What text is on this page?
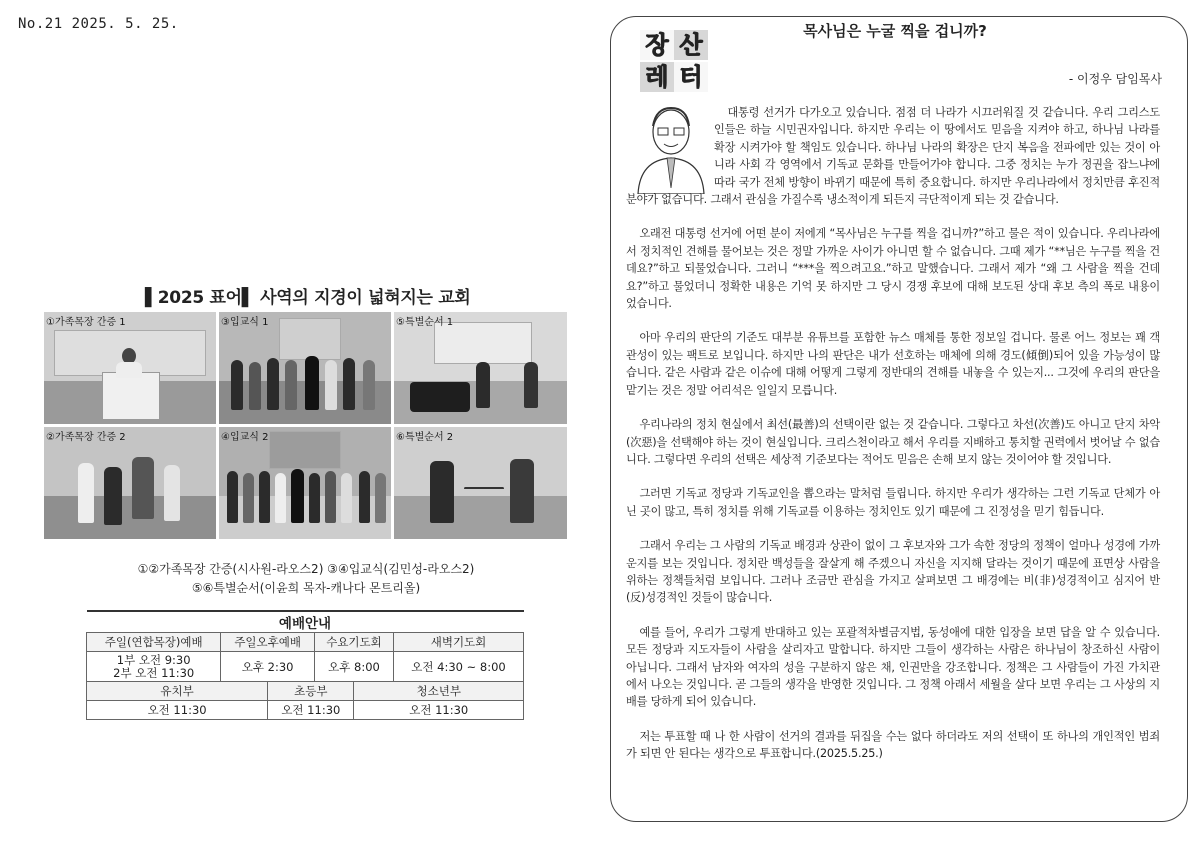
No.21 2025. 5. 25.
▌2025 표어▌ 사역의 지경이 넓혀지는 교회
①가족목장 간증 1	③입교식 1	⑤특별순서 1
②가족목장 간증 2	④입교식 2	⑥특별순서 2
①②가족목장 간증(시사원-라오스2) ③④입교식(김민성-라오스2)
⑤⑥특별순서(이윤희 목자-캐나다 몬트리올)
예배안내					
주일(연합목장)예배	주일오후예배		수요기도회		새벽기도회

1부 오전 9:30
2부 오전 11:30	오후 2:30		오후 8:00		오전 4:30 ~ 8:00
유치부		초등부		청소년부	
오전 11:30		오전 11:30		오전 11:30	
장 산
레 터
목사님은 누굴 찍을 겁니까?
- 이정우 담임목사

대통령 선거가 다가오고 있습니다. 점점 더 나라가 시끄러워질 것 같습니다. 우리 그리스도인들은 하늘 시민권자입니다. 하지만 우리는 이 땅에서도 믿음을 지켜야 하고, 하나님 나라를 확장 시켜가야 할 책임도 있습니다. 하나님 나라의 확장은 단지 복음을 전파에만 있는 것이 아니라 사회 각 영역에서 기독교 문화를 만들어가야 합니다. 그중 정치는 누가 정권을 잡느냐에 따라 국가 전체 방향이 바뀌기 때문에 특히 중요합니다. 하지만 우리나라에서 정치만큼 후진적 분야가 없습니다. 그래서 관심을 가질수록 냉소적이게 되든지 극단적이게 되는 것 같습니다.

오래전 대통령 선거에 어떤 분이 저에게 “목사님은 누구를 찍을 겁니까?”하고 물은 적이 있습니다. 우리나라에서 정치적인 견해를 물어보는 것은 정말 가까운 사이가 아니면 할 수 없습니다. 그때 제가 “**님은 누구를 찍을 건데요?”하고 되물었습니다. 그러니 “***을 찍으려고요.”하고 말했습니다. 그래서 제가 “왜 그 사람을 찍을 건데요?”하고 물었더니 정확한 내용은 기억 못 하지만 그 당시 경쟁 후보에 대해 보도된 상대 후보 측의 폭로 내용이었습니다.

아마 우리의 판단의 기준도 대부분 유튜브를 포함한 뉴스 매체를 통한 정보일 겁니다. 물론 어느 정보는 꽤 객관성이 있는 팩트로 보입니다. 하지만 나의 판단은 내가 선호하는 매체에 의해 경도(傾倒)되어 있을 가능성이 많습니다. 같은 사람과 같은 이슈에 대해 어떻게 그렇게 정반대의 견해를 내놓을 수 있는지... 그것에 우리의 판단을 맡기는 것은 정말 어리석은 일일지 모릅니다.

우리나라의 정치 현실에서 최선(最善)의 선택이란 없는 것 같습니다. 그렇다고 차선(次善)도 아니고 단지 차악(次惡)을 선택해야 하는 것이 현실입니다. 크리스천이라고 해서 우리를 지배하고 통치할 권력에서 벗어날 수 없습니다. 그렇다면 우리의 선택은 세상적 기준보다는 적어도 믿음은 손해 보지 않는 것이어야 할 것입니다.

그러면 기독교 정당과 기독교인을 뽑으라는 말처럼 들립니다. 하지만 우리가 생각하는 그런 기독교 단체가 아닌 곳이 많고, 특히 정치를 위해 기독교를 이용하는 정치인도 있기 때문에 그 진정성을 믿기 힘듭니다.

그래서 우리는 그 사람의 기독교 배경과 상관이 없이 그 후보자와 그가 속한 정당의 정책이 얼마나 성경에 가까운지를 보는 것입니다. 정치란 백성들을 잘살게 해 주겠으니 자신을 지지해 달라는 것이기 때문에 표면상 사람을 위하는 정책들처럼 보입니다. 그러나 조금만 관심을 가지고 살펴보면 그 배경에는 비(非)성경적이고 심지어 반(反)성경적인 것들이 많습니다.

예를 들어, 우리가 그렇게 반대하고 있는 포괄적차별금지법, 동성애에 대한 입장을 보면 답을 알 수 있습니다. 모든 정당과 지도자들이 사람을 살리자고 말합니다. 하지만 그들이 생각하는 사람은 하나님이 창조하신 사람이 아닙니다. 그래서 남자와 여자의 성을 구분하지 않은 채, 인권만을 강조합니다. 정책은 그 사람들이 가진 가치관에서 나오는 것입니다. 곧 그들의 생각을 반영한 것입니다. 그 정책 아래서 세월을 살다 보면 우리는 그 사상의 지배를 당하게 되어 있습니다.

저는 투표할 때 나 한 사람이 선거의 결과를 뒤집을 수는 없다 하더라도 저의 선택이 또 하나의 개인적인 범죄가 되면 안 된다는 생각으로 투표합니다.(2025.5.25.)
